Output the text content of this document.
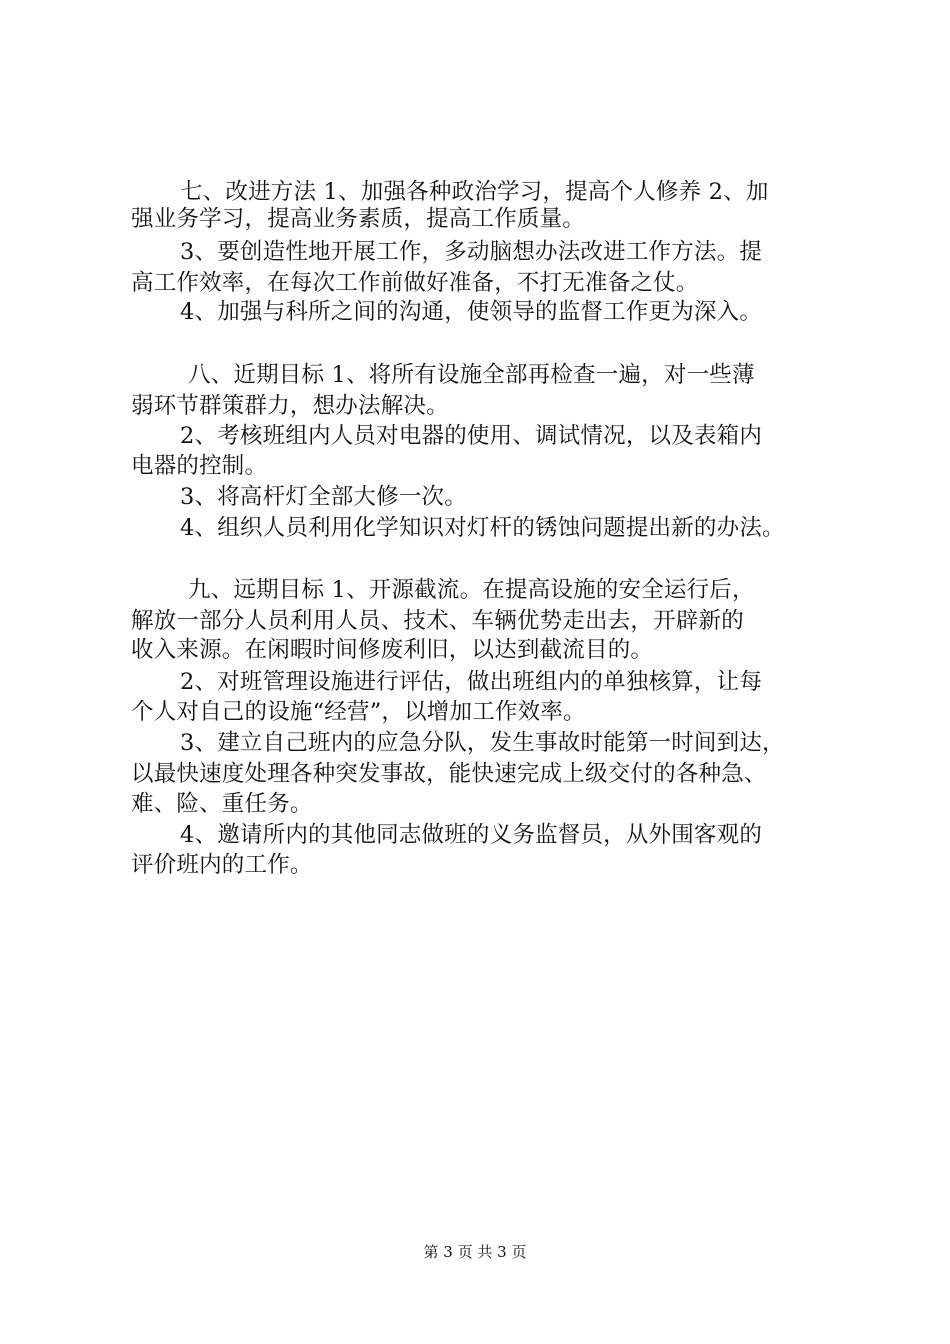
七、改进方法 1、加强各种政治学习，提高个人修养 2、加
强业务学习，提高业务素质，提高工作质量。
3、要创造性地开展工作，多动脑想办法改进工作方法。提
高工作效率，在每次工作前做好准备，不打无准备之仗。
4、加强与科所之间的沟通，使领导的监督工作更为深入。
八、近期目标 1、将所有设施全部再检查一遍，对一些薄
弱环节群策群力，想办法解决。
2、考核班组内人员对电器的使用、调试情况，以及表箱内
电器的控制。
3、将高杆灯全部大修一次。
4、组织人员利用化学知识对灯杆的锈蚀问题提出新的办法。
九、远期目标 1、开源截流。在提高设施的安全运行后，
解放一部分人员利用人员、技术、车辆优势走出去，开辟新的
收入来源。在闲暇时间修废利旧，以达到截流目的。
2、对班管理设施进行评估，做出班组内的单独核算，让每
个人对自己的设施“经营”，以增加工作效率。
3、建立自己班内的应急分队，发生事故时能第一时间到达，
以最快速度处理各种突发事故，能快速完成上级交付的各种急、
难、险、重任务。
4、邀请所内的其他同志做班的义务监督员，从外围客观的
评价班内的工作。
第 3 页 共 3 页
